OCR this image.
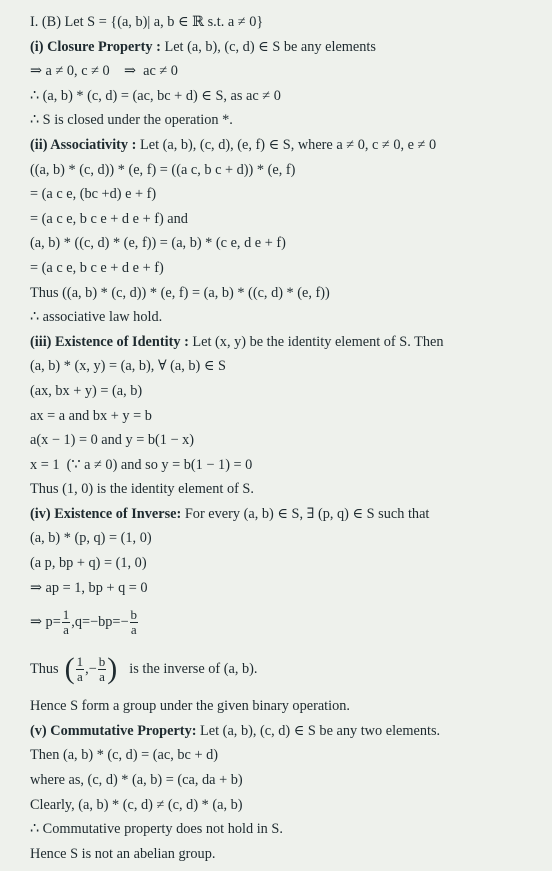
I. (B) Let S = {(a, b)| a, b ∈ ℝ s.t. a ≠ 0}
(i) Closure Property : Let (a, b), (c, d) ∈ S be any elements
⇒ a ≠ 0, c ≠ 0    ⇒  ac ≠ 0
∴ (a, b) * (c, d) = (ac, bc + d) ∈ S, as ac ≠ 0
∴ S is closed under the operation *.
(ii) Associativity : Let (a, b), (c, d), (e, f) ∈ S, where a ≠ 0, c ≠ 0, e ≠ 0
((a, b) * (c, d)) * (e, f) = ((a c, b c + d)) * (e, f)
= (a c e, (bc +d) e + f)
= (a c e, b c e + d e + f) and
(a, b) * ((c, d) * (e, f)) = (a, b) * (c e, d e + f)
= (a c e, b c e + d e + f)
Thus ((a, b) * (c, d)) * (e, f) = (a, b) * ((c, d) * (e, f))
∴ associative law hold.
(iii) Existence of Identity : Let (x, y) be the identity element of S. Then
(a, b) * (x, y) = (a, b), ∀ (a, b) ∈ S
(ax, bx + y) = (a, b)
ax = a and bx + y = b
a(x − 1) = 0 and y = b(1 − x)
x = 1  (∵ a ≠ 0) and so y = b(1 − 1) = 0
Thus (1, 0) is the identity element of S.
(iv) Existence of Inverse: For every (a, b) ∈ S, ∃ (p, q) ∈ S such that
(a, b) * (p, q) = (1, 0)
(a p, bp + q) = (1, 0)
⇒ ap = 1, bp + q = 0
⇒ $p= \frac{1}{a} ,q=-bp=- \frac{b}{a}$
Thus ( $\frac{1}{a}$ ,− $\frac{b}{a}$ ) is the inverse of (a, b).
Hence S form a group under the given binary operation.
(v) Commutative Property: Let (a, b), (c, d) ∈ S be any two elements.
Then (a, b) * (c, d) = (ac, bc + d)
where as, (c, d) * (a, b) = (ca, da + b)
Clearly, (a, b) * (c, d) ≠ (c, d) * (a, b)
∴ Commutative property does not hold in S.
Hence S is not an abelian group.
